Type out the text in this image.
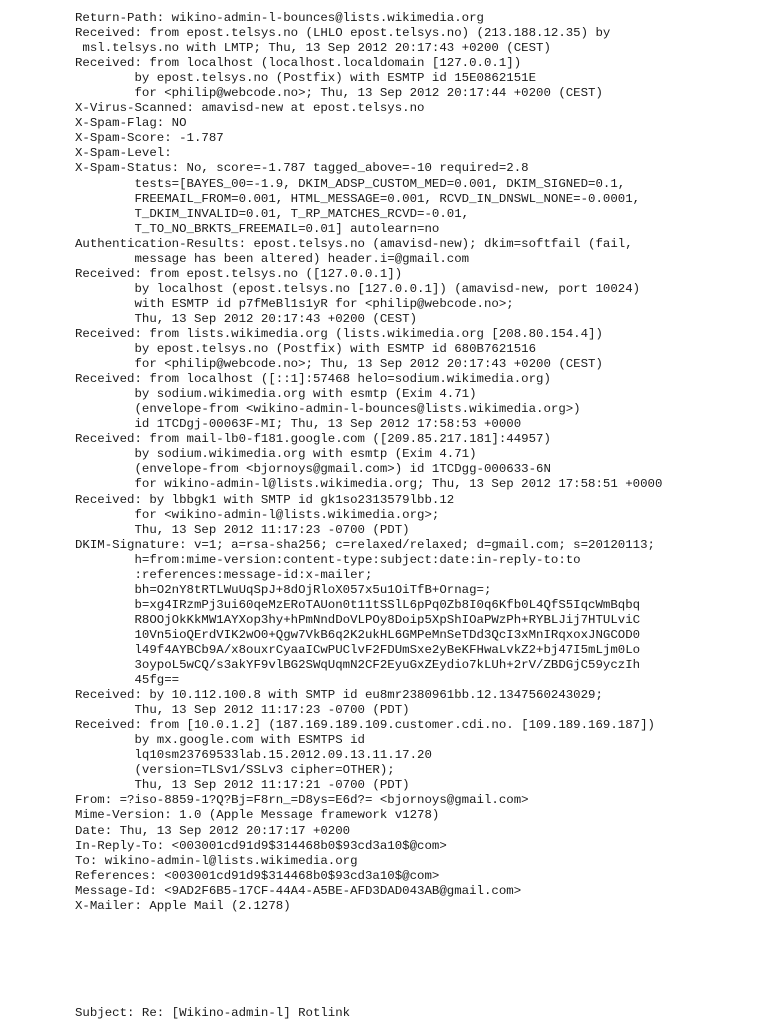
Return-Path: wikino-admin-l-bounces@lists.wikimedia.org
Received: from epost.telsys.no (LHLO epost.telsys.no) (213.188.12.35) by
msl.telsys.no with LMTP; Thu, 13 Sep 2012 20:17:43 +0200 (CEST)
Received: from localhost (localhost.localdomain [127.0.0.1])
by epost.telsys.no (Postfix) with ESMTP id 15E0862151E
for <philip@webcode.no>; Thu, 13 Sep 2012 20:17:44 +0200 (CEST)
X-Virus-Scanned: amavisd-new at epost.telsys.no
X-Spam-Flag: NO
X-Spam-Score: -1.787
X-Spam-Level:
X-Spam-Status: No, score=-1.787 tagged_above=-10 required=2.8
tests=[BAYES_00=-1.9, DKIM_ADSP_CUSTOM_MED=0.001, DKIM_SIGNED=0.1,
FREEMAIL_FROM=0.001, HTML_MESSAGE=0.001, RCVD_IN_DNSWL_NONE=-0.0001,
T_DKIM_INVALID=0.01, T_RP_MATCHES_RCVD=-0.01,
T_TO_NO_BRKTS_FREEMAIL=0.01] autolearn=no
Authentication-Results: epost.telsys.no (amavisd-new); dkim=softfail (fail,
message has been altered) header.i=@gmail.com
Received: from epost.telsys.no ([127.0.0.1])
by localhost (epost.telsys.no [127.0.0.1]) (amavisd-new, port 10024)
with ESMTP id p7fMeBl1s1yR for <philip@webcode.no>;
Thu, 13 Sep 2012 20:17:43 +0200 (CEST)
Received: from lists.wikimedia.org (lists.wikimedia.org [208.80.154.4])
by epost.telsys.no (Postfix) with ESMTP id 680B7621516
for <philip@webcode.no>; Thu, 13 Sep 2012 20:17:43 +0200 (CEST)
Received: from localhost ([::1]:57468 helo=sodium.wikimedia.org)
by sodium.wikimedia.org with esmtp (Exim 4.71)
(envelope-from <wikino-admin-l-bounces@lists.wikimedia.org>)
id 1TCDgj-00063F-MI; Thu, 13 Sep 2012 17:58:53 +0000
Received: from mail-lb0-f181.google.com ([209.85.217.181]:44957)
by sodium.wikimedia.org with esmtp (Exim 4.71)
(envelope-from <bjornoys@gmail.com>) id 1TCDgg-000633-6N
for wikino-admin-l@lists.wikimedia.org; Thu, 13 Sep 2012 17:58:51 +0000
Received: by lbbgk1 with SMTP id gk1so2313579lbb.12
for <wikino-admin-l@lists.wikimedia.org>;
Thu, 13 Sep 2012 11:17:23 -0700 (PDT)
DKIM-Signature: v=1; a=rsa-sha256; c=relaxed/relaxed; d=gmail.com; s=20120113;
h=from:mime-version:content-type:subject:date:in-reply-to:to
:references:message-id:x-mailer;
bh=O2nY8tRTLWuUqSpJ+8dOjRloX057x5u1OiTfB+Ornag=;
b=xg4IRzmPj3ui60qeMzERoTAUon0t11tSSlL6pPq0Zb8I0q6Kfb0L4QfS5IqcWmBqbq
R8OOjOkKkMW1AYXop3hy+hPmNndDoVLPOy8Doip5XpShIOaPWzPh+RYBLJij7HTULviC
10Vn5ioQErdVIK2wO0+Qgw7VkB6q2K2ukHL6GMPeMnSeTDd3QcI3xMnIRqxoxJNGCOD0
l49f4AYBCb9A/x8ouxrCyaaICwPUClvF2FDUmSxe2yBeKFHwaLvkZ2+bj47I5mLjm0Lo
3oypoL5wCQ/s3akYF9vlBG2SWqUqmN2CF2EyuGxZEydio7kLUh+2rV/ZBDGjC59yczIh
45fg==
Received: by 10.112.100.8 with SMTP id eu8mr2380961bb.12.1347560243029;
Thu, 13 Sep 2012 11:17:23 -0700 (PDT)
Received: from [10.0.1.2] (187.169.189.109.customer.cdi.no. [109.189.169.187])
by mx.google.com with ESMTPS id
lq10sm23769533lab.15.2012.09.13.11.17.20
(version=TLSv1/SSLv3 cipher=OTHER);
Thu, 13 Sep 2012 11:17:21 -0700 (PDT)
From: =?iso-8859-1?Q?Bj=F8rn_=D8ys=E6d?= <bjornoys@gmail.com>
Mime-Version: 1.0 (Apple Message framework v1278)
Date: Thu, 13 Sep 2012 20:17:17 +0200
In-Reply-To: <003001cd91d9$314468b0$93cd3a10$@com>
To: wikino-admin-l@lists.wikimedia.org
References: <003001cd91d9$314468b0$93cd3a10$@com>
Message-Id: <9AD2F6B5-17CF-44A4-A5BE-AFD3DAD043AB@gmail.com>
X-Mailer: Apple Mail (2.1278)
Subject: Re: [Wikino-admin-l] Rotlink
